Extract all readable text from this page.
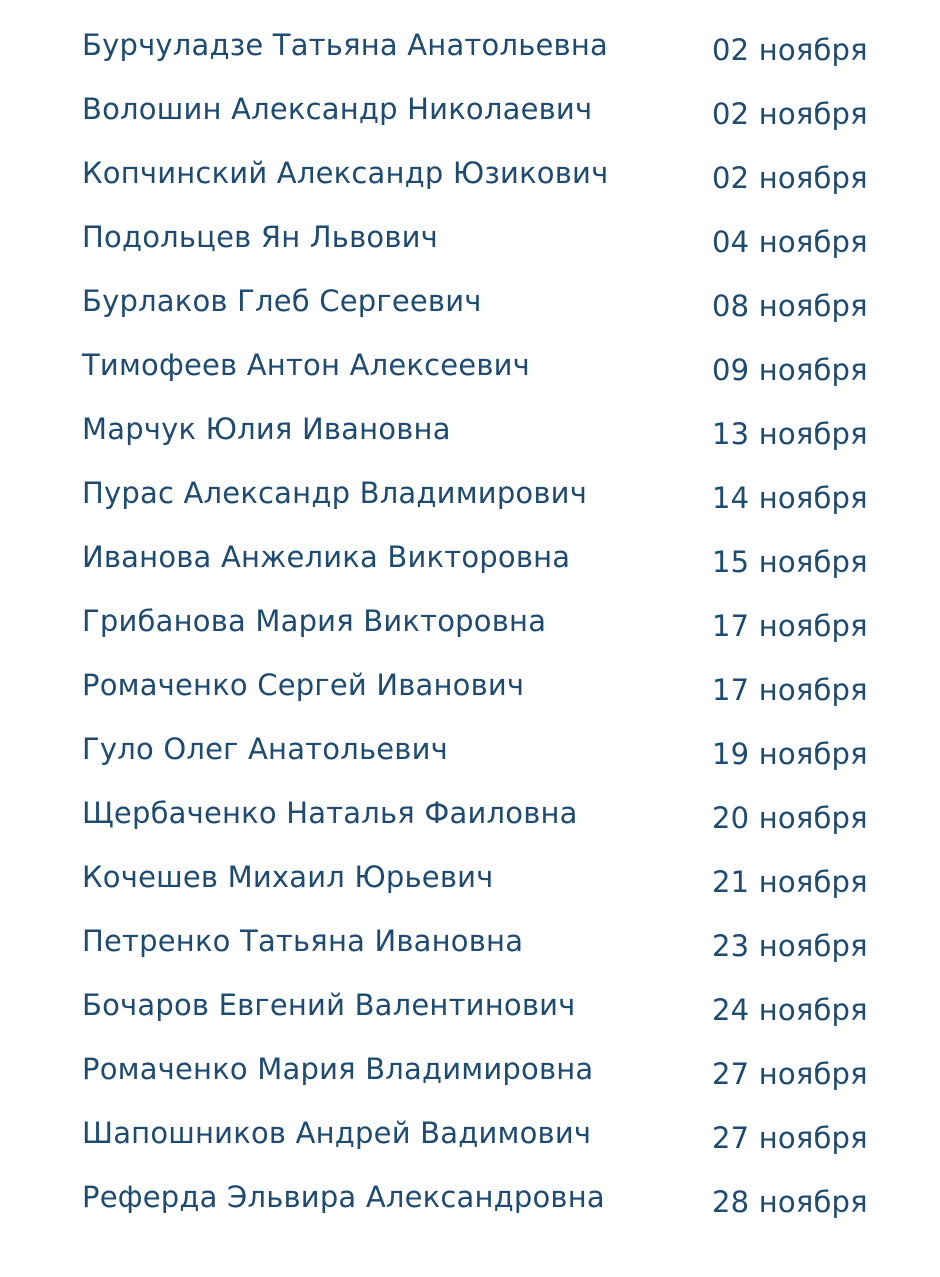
Бурчуладзе Татьяна Анатольевна	02 ноября
Волошин Александр Николаевич	02 ноября
Копчинский Александр Юзикович	02 ноября
Подольцев Ян Львович	04 ноября
Бурлаков Глеб Сергеевич	08 ноября
Тимофеев Антон Алексеевич	09 ноября
Марчук Юлия Ивановна	13 ноября
Пурас Александр Владимирович	14 ноября
Иванова Анжелика Викторовна	15 ноября
Грибанова Мария Викторовна	17 ноября
Ромаченко Сергей Иванович	17 ноября
Гуло Олег Анатольевич	19 ноября
Щербаченко Наталья Фаиловна	20 ноября
Кочешев Михаил Юрьевич	21 ноября
Петренко Татьяна Ивановна	23 ноября
Бочаров Евгений Валентинович	24 ноября
Ромаченко Мария Владимировна	27 ноября
Шапошников Андрей Вадимович	27 ноября
Реферда Эльвира Александровна	28 ноября
